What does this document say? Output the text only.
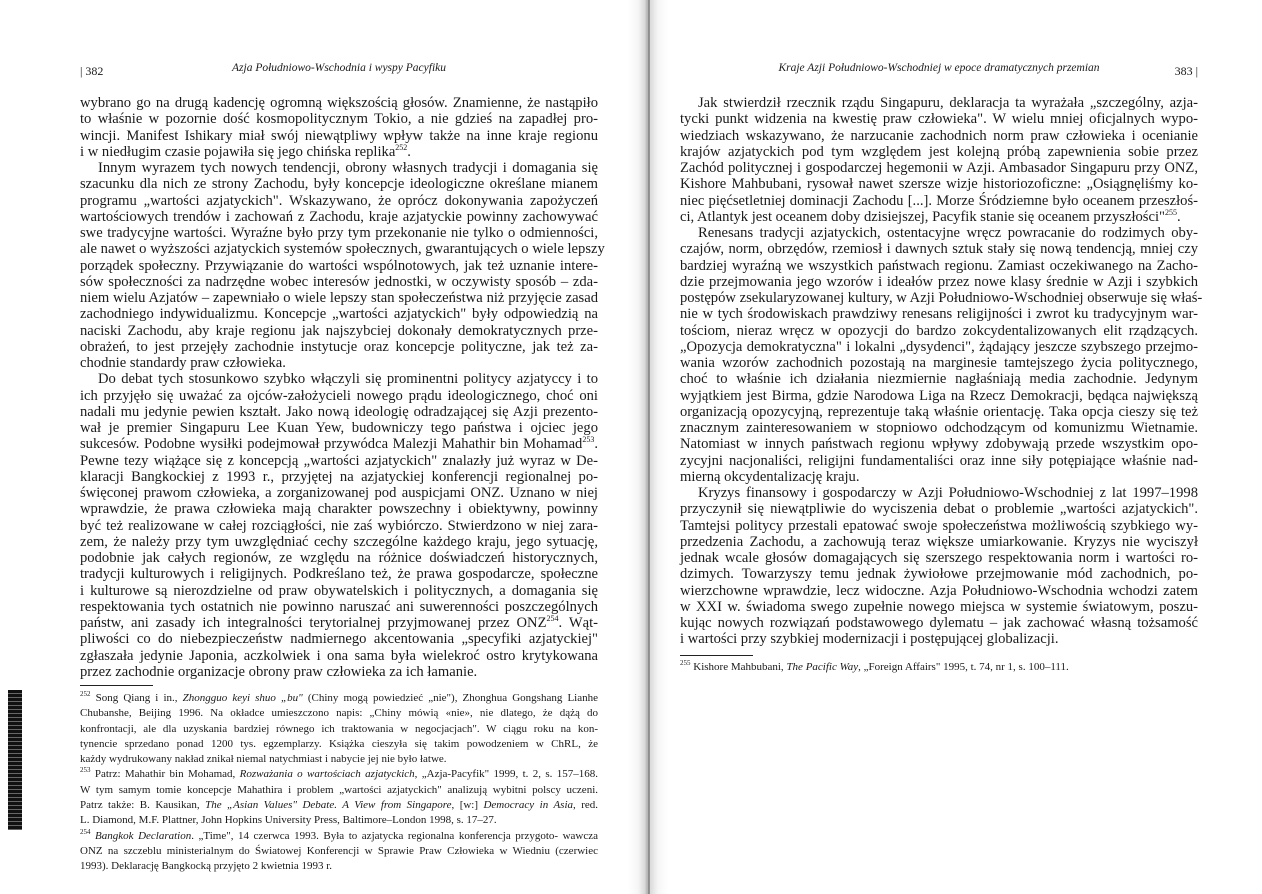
| 382	Azja Południowo-Wschodnia i wyspy Pacyfiku
wybrano go na drugą kadencję ogromną większością głosów. Znamienne, że nastąpiło
to właśnie w pozornie dość kosmopolitycznym Tokio, a nie gdzieś na zapadłej pro-
wincji. Manifest Ishikary miał swój niewątpliwy wpływ także na inne kraje regionu
i w niedługim czasie pojawiła się jego chińska replika$^{252}$.
Innym wyrazem tych nowych tendencji, obrony własnych tradycji i domagania się
szacunku dla nich ze strony Zachodu, były koncepcje ideologiczne określane mianem
programu „wartości azjatyckich". Wskazywano, że oprócz dokonywania zapożyczeń
wartościowych trendów i zachowań z Zachodu, kraje azjatyckie powinny zachowywać
swe tradycyjne wartości. Wyraźne było przy tym przekonanie nie tylko o odmienności,
ale nawet o wyższości azjatyckich systemów społecznych, gwarantujących o wiele lepszy
porządek społeczny. Przywiązanie do wartości wspólnotowych, jak też uznanie intere-
sów społeczności za nadrzędne wobec interesów jednostki, w oczywisty sposób – zda-
niem wielu Azjatów – zapewniało o wiele lepszy stan społeczeństwa niż przyjęcie zasad
zachodniego indywidualizmu. Koncepcje „wartości azjatyckich" były odpowiedzią na
naciski Zachodu, aby kraje regionu jak najszybciej dokonały demokratycznych prze-
obrażeń, to jest przejęły zachodnie instytucje oraz koncepcje polityczne, jak też za-
chodnie standardy praw człowieka.
Do debat tych stosunkowo szybko włączyli się prominentni politycy azjatyccy i to
ich przyjęło się uważać za ojców-założycieli nowego prądu ideologicznego, choć oni
nadali mu jedynie pewien kształt. Jako nową ideologię odradzającej się Azji prezento-
wał je premier Singapuru Lee Kuan Yew, budowniczy tego państwa i ojciec jego
sukcesów. Podobne wysiłki podejmował przywódca Malezji Mahathir bin Mohamad$^{253}$.
Pewne tezy wiążące się z koncepcją „wartości azjatyckich" znalazły już wyraz w De-
klaracji Bangkockiej z 1993 r., przyjętej na azjatyckiej konferencji regionalnej po-
święconej prawom człowieka, a zorganizowanej pod auspicjami ONZ. Uznano w niej
wprawdzie, że prawa człowieka mają charakter powszechny i obiektywny, powinny
być też realizowane w całej rozciągłości, nie zaś wybiórczo. Stwierdzono w niej zara-
zem, że należy przy tym uwzględniać cechy szczególne każdego kraju, jego sytuację,
podobnie jak całych regionów, ze względu na różnice doświadczeń historycznych,
tradycji kulturowych i religijnych. Podkreślano też, że prawa gospodarcze, społeczne
i kulturowe są nierozdzielne od praw obywatelskich i politycznych, a domagania się
respektowania tych ostatnich nie powinno naruszać ani suwerenności poszczególnych
państw, ani zasady ich integralności terytorialnej przyjmowanej przez ONZ$^{254}$. Wąt-
pliwości co do niebezpieczeństw nadmiernego akcentowania „specyfiki azjatyckiej"
zgłaszała jedynie Japonia, aczkolwiek i ona sama była wielekroć ostro krytykowana
przez zachodnie organizacje obrony praw człowieka za ich łamanie.
$^{252}$ Song Qiang i in., Zhongguo keyi shuo „bu" (Chiny mogą powiedzieć „nie"), Zhonghua Gongshang Lianhe
Chubanshe, Beijing 1996. Na okładce umieszczono napis: „Chiny mówią «nie», nie dlatego, że dążą do
konfrontacji, ale dla uzyskania bardziej równego ich traktowania w negocjacjach". W ciągu roku na kon-
tynencie sprzedano ponad 1200 tys. egzemplarzy. Książka cieszyła się takim powodzeniem w ChRL, że
każdy wydrukowany nakład znikał niemal natychmiast i nabycie jej nie było łatwe.
$^{253}$ Patrz: Mahathir bin Mohamad, Rozważania o wartościach azjatyckich, „Azja-Pacyfik" 1999, t. 2, s. 157–168.
W tym samym tomie koncepcje Mahathira i problem „wartości azjatyckich" analizują wybitni polscy uczeni.
Patrz także: B. Kausikan, The „Asian Values" Debate. A View from Singapore, [w:] Democracy in Asia, red.
L. Diamond, M.F. Plattner, John Hopkins University Press, Baltimore–London 1998, s. 17–27.
$^{254}$ Bangkok Declaration. „Time", 14 czerwca 1993. Była to azjatycka regionalna konferencja przygoto- wawcza
ONZ na szczeblu ministerialnym do Światowej Konferencji w Sprawie Praw Człowieka w Wiedniu (czerwiec
1993). Deklarację Bangkocką przyjęto 2 kwietnia 1993 r.
Kraje Azji Południowo-Wschodniej w epoce dramatycznych przemian	383 |
Jak stwierdził rzecznik rządu Singapuru, deklaracja ta wyrażała „szczególny, azja-
tycki punkt widzenia na kwestię praw człowieka". W wielu mniej oficjalnych wypo-
wiedziach wskazywano, że narzucanie zachodnich norm praw człowieka i ocenianie
krajów azjatyckich pod tym względem jest kolejną próbą zapewnienia sobie przez
Zachód politycznej i gospodarczej hegemonii w Azji. Ambasador Singapuru przy ONZ,
Kishore Mahbubani, rysował nawet szersze wizje historiozoficzne: „Osiągnęliśmy ko-
niec pięćsetletniej dominacji Zachodu [...]. Morze Śródziemne było oceanem przeszłoś-
ci, Atlantyk jest oceanem doby dzisiejszej, Pacyfik stanie się oceanem przyszłości"$^{255}$.
Renesans tradycji azjatyckich, ostentacyjne wręcz powracanie do rodzimych oby-
czajów, norm, obrzędów, rzemiosł i dawnych sztuk stały się nową tendencją, mniej czy
bardziej wyraźną we wszystkich państwach regionu. Zamiast oczekiwanego na Zacho-
dzie przejmowania jego wzorów i ideałów przez nowe klasy średnie w Azji i szybkich
postępów zsekularyzowanej kultury, w Azji Południowo-Wschodniej obserwuje się właś-
nie w tych środowiskach prawdziwy renesans religijności i zwrot ku tradycyjnym war-
tościom, nieraz wręcz w opozycji do bardzo zokcydentalizowanych elit rządzących.
„Opozycja demokratyczna" i lokalni „dysydenci", żądający jeszcze szybszego przejmo-
wania wzorów zachodnich pozostają na marginesie tamtejszego życia politycznego,
choć to właśnie ich działania niezmiernie nagłaśniają media zachodnie. Jedynym
wyjątkiem jest Birma, gdzie Narodowa Liga na Rzecz Demokracji, będąca największą
organizacją opozycyjną, reprezentuje taką właśnie orientację. Taka opcja cieszy się też
znacznym zainteresowaniem w stopniowo odchodzącym od komunizmu Wietnamie.
Natomiast w innych państwach regionu wpływy zdobywają przede wszystkim opo-
zycyjni nacjonaliści, religijni fundamentaliści oraz inne siły potępiające właśnie nad-
mierną okcydentalizację kraju.
Kryzys finansowy i gospodarczy w Azji Południowo-Wschodniej z lat 1997–1998
przyczynił się niewątpliwie do wyciszenia debat o problemie „wartości azjatyckich".
Tamtejsi politycy przestali epatować swoje społeczeństwa możliwością szybkiego wy-
przedzenia Zachodu, a zachowują teraz większe umiarkowanie. Kryzys nie wyciszył
jednak wcale głosów domagających się szerszego respektowania norm i wartości ro-
dzimych. Towarzyszy temu jednak żywiołowe przejmowanie mód zachodnich, po-
wierzchowne wprawdzie, lecz widoczne. Azja Południowo-Wschodnia wchodzi zatem
w XXI w. świadoma swego zupełnie nowego miejsca w systemie światowym, poszu-
kując nowych rozwiązań podstawowego dylematu – jak zachować własną tożsamość
i wartości przy szybkiej modernizacji i postępującej globalizacji.
$^{255}$ Kishore Mahbubani, The Pacific Way, „Foreign Affairs" 1995, t. 74, nr 1, s. 100–111.
